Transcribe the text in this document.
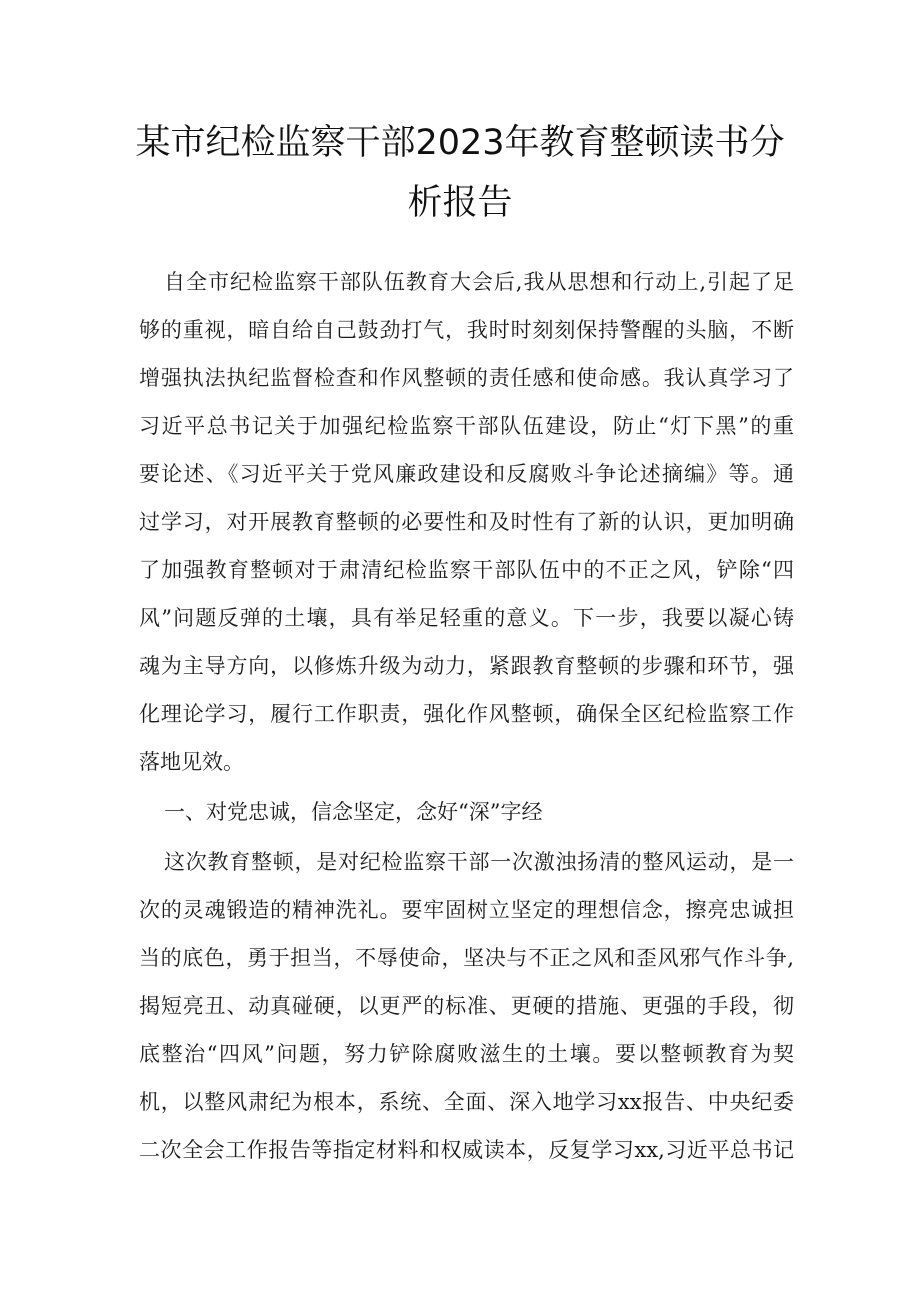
某市纪检监察干部2023年教育整顿读书分
析报告
自全市纪检监察干部队伍教育大会后,我从思想和行动上,引起了足
够的重视，暗自给自己鼓劲打气，我时时刻刻保持警醒的头脑，不断
增强执法执纪监督检查和作风整顿的责任感和使命感。我认真学习了
习近平总书记关于加强纪检监察干部队伍建设，防止“灯下黑”的重
要论述、《习近平关于党风廉政建设和反腐败斗争论述摘编》等。通
过学习，对开展教育整顿的必要性和及时性有了新的认识，更加明确
了加强教育整顿对于肃清纪检监察干部队伍中的不正之风，铲除“四
风”问题反弹的土壤，具有举足轻重的意义。下一步，我要以凝心铸
魂为主导方向，以修炼升级为动力，紧跟教育整顿的步骤和环节，强
化理论学习，履行工作职责，强化作风整顿，确保全区纪检监察工作
落地见效。
一、对党忠诚，信念坚定，念好“深”字经
这次教育整顿，是对纪检监察干部一次激浊扬清的整风运动，是一
次的灵魂锻造的精神洗礼。要牢固树立坚定的理想信念，擦亮忠诚担
当的底色，勇于担当，不辱使命，坚决与不正之风和歪风邪气作斗争,
揭短亮丑、动真碰硬，以更严的标准、更硬的措施、更强的手段，彻
底整治“四风”问题，努力铲除腐败滋生的土壤。要以整顿教育为契
机，以整风肃纪为根本，系统、全面、深入地学习xx报告、中央纪委
二次全会工作报告等指定材料和权威读本，反复学习xx,习近平总书记
